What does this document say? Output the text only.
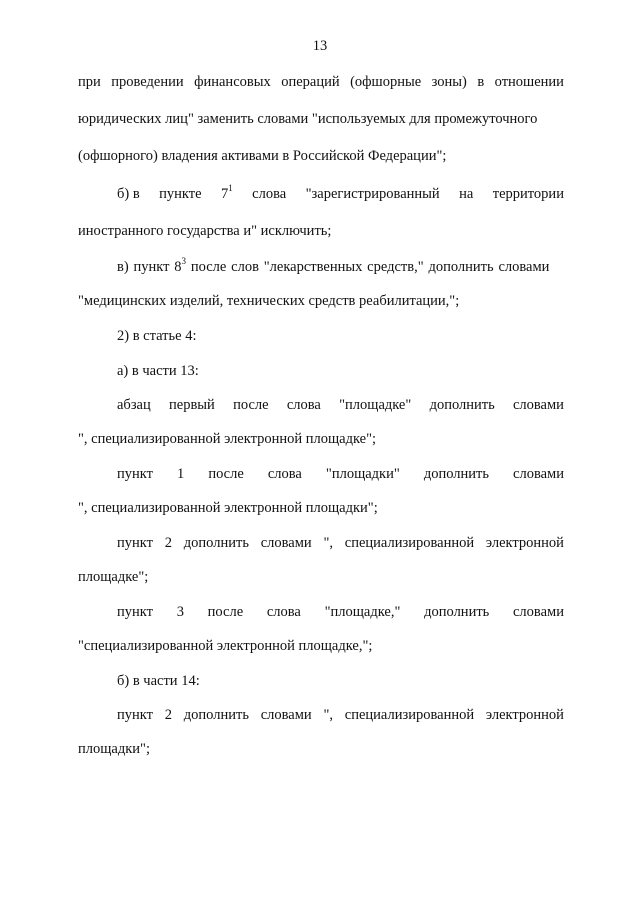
13
при проведении финансовых операций (офшорные зоны) в отношении
юридических лиц" заменить словами "используемых для промежуточного
(офшорного) владения активами в Российской Федерации";
б) в пункте $7^1$ слова "зарегистрированный на территории
иностранного государства и" исключить;
в) пункт $8^3$ после слов "лекарственных средств," дополнить словами
"медицинских изделий, технических средств реабилитации,";
2) в статье 4:
а) в части 13:
абзац первый после слова "площадке" дополнить словами
", специализированной электронной площадке";
пункт 1 после слова "площадки" дополнить словами
", специализированной электронной площадки";
пункт 2 дополнить словами ", специализированной электронной
площадке";
пункт 3 после слова "площадке," дополнить словами
"специализированной электронной площадке,";
б) в части 14:
пункт 2 дополнить словами ", специализированной электронной
площадки";
